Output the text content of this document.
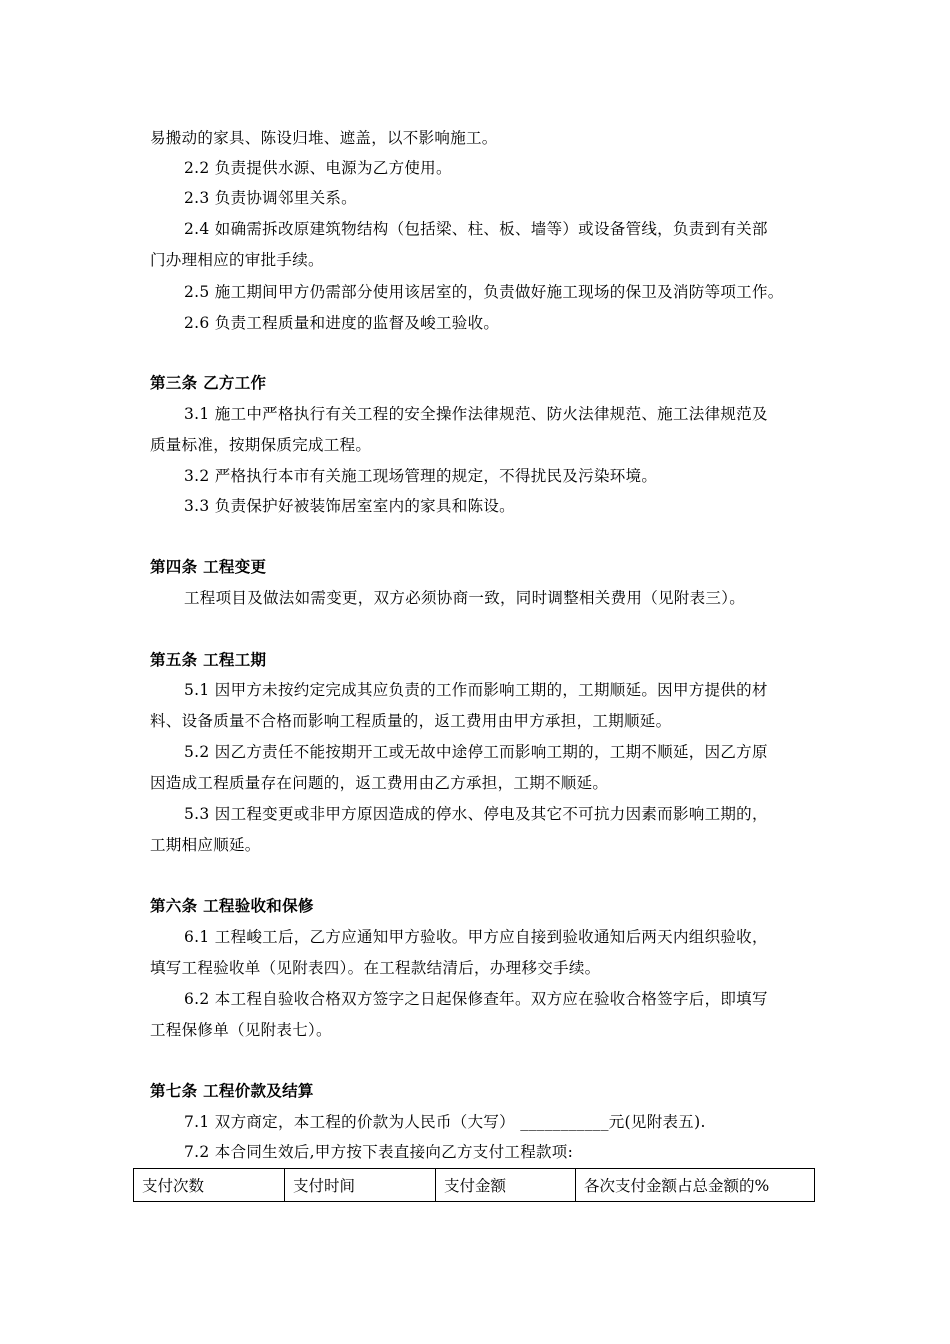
易搬动的家具、陈设归堆、遮盖，以不影响施工。
2.2 负责提供水源、电源为乙方使用。
2.3 负责协调邻里关系。
2.4 如确需拆改原建筑物结构（包括梁、柱、板、墙等）或设备管线，负责到有关部
门办理相应的审批手续。
2.5 施工期间甲方仍需部分使用该居室的，负责做好施工现场的保卫及消防等项工作。
2.6 负责工程质量和进度的监督及峻工验收。
第三条 乙方工作
3.1 施工中严格执行有关工程的安全操作法律规范、防火法律规范、施工法律规范及
质量标准，按期保质完成工程。
3.2 严格执行本市有关施工现场管理的规定，不得扰民及污染环境。
3.3 负责保护好被装饰居室室内的家具和陈设。
第四条 工程变更
工程项目及做法如需变更，双方必须协商一致，同时调整相关费用（见附表三）。
第五条 工程工期
5.1 因甲方未按约定完成其应负责的工作而影响工期的，工期顺延。因甲方提供的材
料、设备质量不合格而影响工程质量的，返工费用由甲方承担，工期顺延。
5.2 因乙方责任不能按期开工或无故中途停工而影响工期的，工期不顺延，因乙方原
因造成工程质量存在问题的，返工费用由乙方承担，工期不顺延。
5.3 因工程变更或非甲方原因造成的停水、停电及其它不可抗力因素而影响工期的，
工期相应顺延。
第六条 工程验收和保修
6.1 工程峻工后，乙方应通知甲方验收。甲方应自接到验收通知后两天内组织验收，
填写工程验收单（见附表四）。在工程款结清后，办理移交手续。
6.2 本工程自验收合格双方签字之日起保修查年。双方应在验收合格签字后，即填写
工程保修单（见附表七）。
第七条 工程价款及结算
7.1 双方商定，本工程的价款为人民币（大写） ___________元(见附表五).
7.2 本合同生效后,甲方按下表直接向乙方支付工程款项:
支付次数	支付时间	支付金额	各次支付金额占总金额的%
